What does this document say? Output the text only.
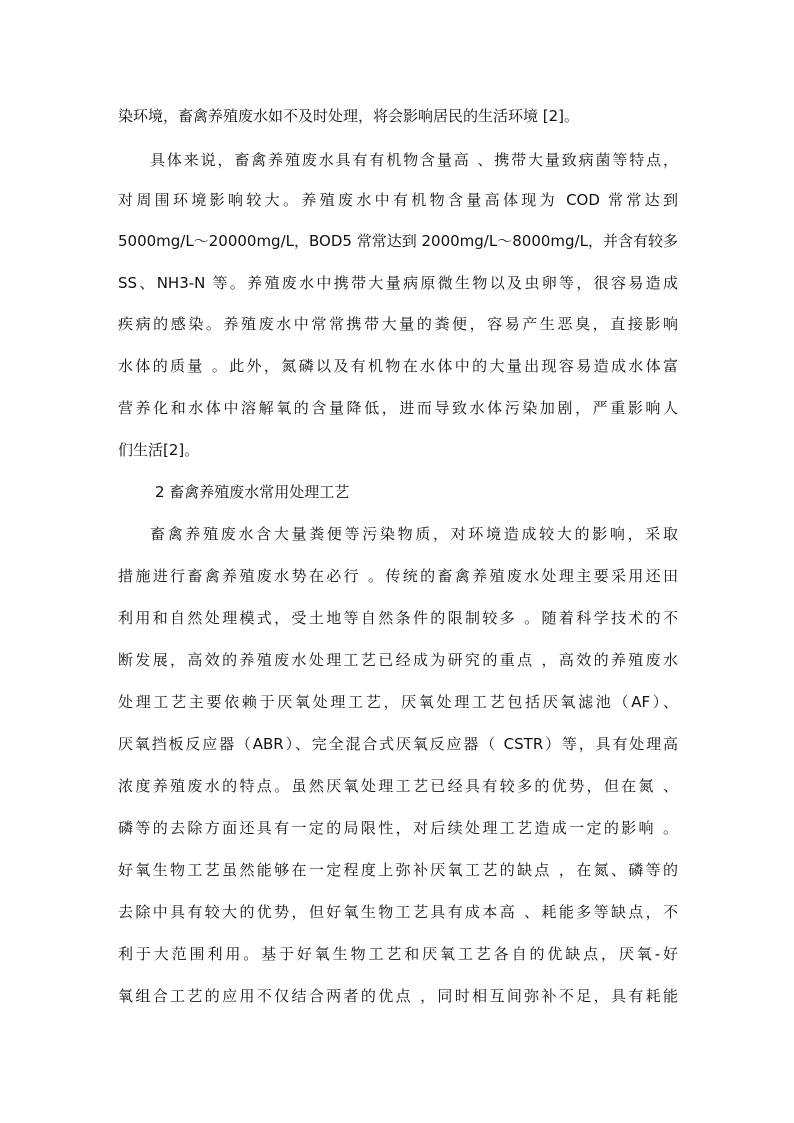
染环境，畜禽养殖废水如不及时处理，将会影响居民的生活环境 [2]。
具体来说，畜禽养殖废水具有有机物含量高 、携带大量致病菌等特点，
对周围环境影响较大。养殖废水中有机物含量高体现为 COD 常常达到
5000mg/L～20000mg/L，BOD5 常常达到 2000mg/L～8000mg/L，并含有较多
SS、NH3-N 等。养殖废水中携带大量病原微生物以及虫卵等，很容易造成
疾病的感染。养殖废水中常常携带大量的粪便，容易产生恶臭，直接影响
水体的质量 。此外，氮磷以及有机物在水体中的大量出现容易造成水体富
营养化和水体中溶解氧的含量降低，进而导致水体污染加剧，严重影响人
们生活[2]。
2 畜禽养殖废水常用处理工艺
畜禽养殖废水含大量粪便等污染物质，对环境造成较大的影响，采取
措施进行畜禽养殖废水势在必行 。传统的畜禽养殖废水处理主要采用还田
利用和自然处理模式，受土地等自然条件的限制较多 。随着科学技术的不
断发展，高效的养殖废水处理工艺已经成为研究的重点 ，高效的养殖废水
处理工艺主要依赖于厌氧处理工艺，厌氧处理工艺包括厌氧滤池（AF）、
厌氧挡板反应器（ABR）、完全混合式厌氧反应器（ CSTR）等，具有处理高
浓度养殖废水的特点。虽然厌氧处理工艺已经具有较多的优势，但在氮 、
磷等的去除方面还具有一定的局限性，对后续处理工艺造成一定的影响 。
好氧生物工艺虽然能够在一定程度上弥补厌氧工艺的缺点 ，在氮、磷等的
去除中具有较大的优势，但好氧生物工艺具有成本高 、耗能多等缺点，不
利于大范围利用。基于好氧生物工艺和厌氧工艺各自的优缺点，厌氧-好
氧组合工艺的应用不仅结合两者的优点 ，同时相互间弥补不足，具有耗能
